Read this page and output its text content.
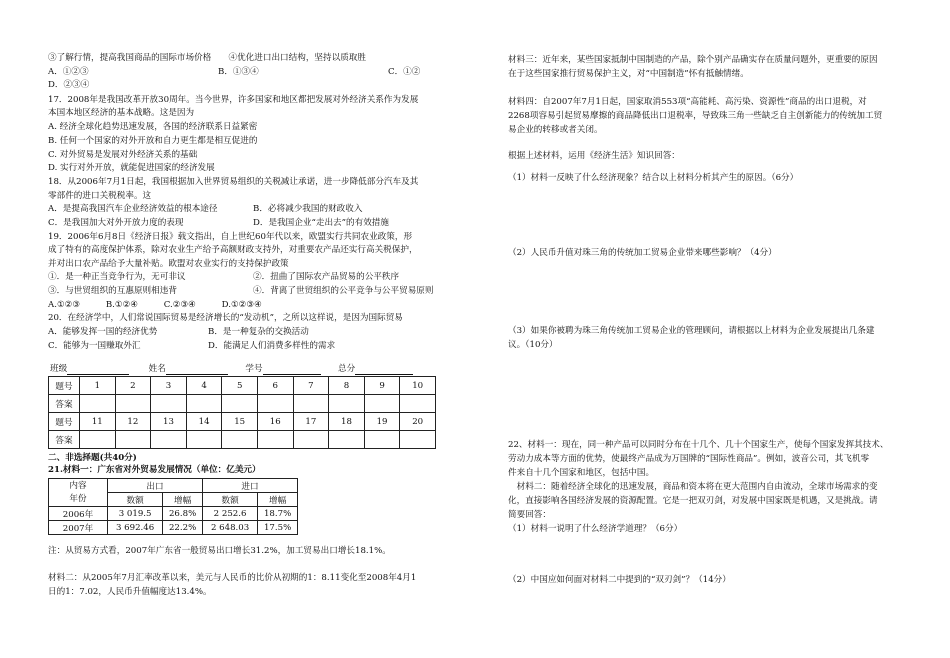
③了解行情，提高我国商品的国际市场价格　　④优化进口出口结构，坚持以质取胜
A．①②③	B．①③④	C．①②
D．②③④
17．2008年是我国改革开放30周年。当今世界，许多国家和地区都把发展对外经济关系作为发展
本国本地区经济的基本战略。这是因为
A. 经济全球化趋势迅速发展，各国的经济联系日益紧密
B. 任何一个国家的对外开放和自力更生都是相互促进的
C. 对外贸易是发展对外经济关系的基础
D. 实行对外开放，就能促进国家的经济发展
18．从2006年7月1日起，我国根据加入世界贸易组织的关税减让承诺，进一步降低部分汽车及其
零部件的进口关税税率。这
A．是提高我国汽车企业经济效益的根本途径	B．必将减少我国的财政收入
C．是我国加大对外开放力度的表现	D．是我国企业“走出去”的有效措施
19．2006年6月8日《经济日报》载文指出，自上世纪60年代以来，欧盟实行共同农业政策，形
成了特有的高度保护体系，除对农业生产给予高额财政支持外，对重要农产品还实行高关税保护，
并对出口农产品给予大量补贴。欧盟对农业实行的支持保护政策
①．是一种正当竞争行为，无可非议	②．扭曲了国际农产品贸易的公平秩序
③．与世贸组织的互惠原则相违背	④．背离了世贸组织的公平竞争与公平贸易原则
A.①②③　　　B.①②④　　　C.②③④　　　D.①②③④
20．在经济学中，人们常说国际贸易是经济增长的“发动机”，之所以这样说，是因为国际贸易
A．能够发挥一国的经济优势	B．是一种复杂的交换活动
C．能够为一国赚取外汇	D．能满足人们消费多样性的需求
班级	姓名	学号	总分
题号	1	2	3	4	5	6	7	8	9	10
答案										
题号	11	12	13	14	15	16	17	18	19	20
答案										
二、非选择题(共40分)
21.材料一：广东省对外贸易发展情况（单位：亿美元）
内容
年份	出口		进口	
	数额	增幅	数额	增幅
2006年	3 019.5	26.8%	2 252.6	18.7%
2007年	3 692.46	22.2%	2 648.03	17.5%
注：从贸易方式看，2007年广东省一般贸易出口增长31.2%，加工贸易出口增长18.1%。
材料二：从2005年7月汇率改革以来，美元与人民币的比价从初期的1：8.11变化至2008年4月1
日的1：7.02，人民币升值幅度达13.4%。
材料三：近年来，某些国家抵制中国制造的产品，除个别产品确实存在质量问题外，更重要的原因
在于这些国家推行贸易保护主义，对“中国制造”怀有抵触情绪。
材料四：自2007年7月1日起，国家取消553项“高能耗、高污染、资源性”商品的出口退税，对
2268项容易引起贸易摩擦的商品降低出口退税率，导致珠三角一些缺乏自主创新能力的传统加工贸
易企业的转移或者关闭。
根据上述材料，运用《经济生活》知识回答：
（1）材料一反映了什么经济现象？结合以上材料分析其产生的原因。（6分）
（2）人民币升值对珠三角的传统加工贸易企业带来哪些影响？（4分）
（3）如果你被聘为珠三角传统加工贸易企业的管理顾问，请根据以上材料为企业发展提出几条建
议。（10分）
22、材料一：现在，同一种产品可以同时分布在十几个、几十个国家生产，使每个国家发挥其技术、
劳动力成本等方面的优势，使最终产品成为万国牌的“国际性商品”。例如，波音公司，其飞机零
件来自十几个国家和地区，包括中国。
　材料二：随着经济全球化的迅速发展，商品和资本将在更大范围内自由流动，全球市场需求的变
化，直接影响各国经济发展的资源配置。它是一把双刃剑，对发展中国家既是机遇，又是挑战。请
简要回答：
（1）材料一说明了什么经济学道理？（6分）
（2）中国应如何面对材料二中提到的“双刃剑”？（14分）
